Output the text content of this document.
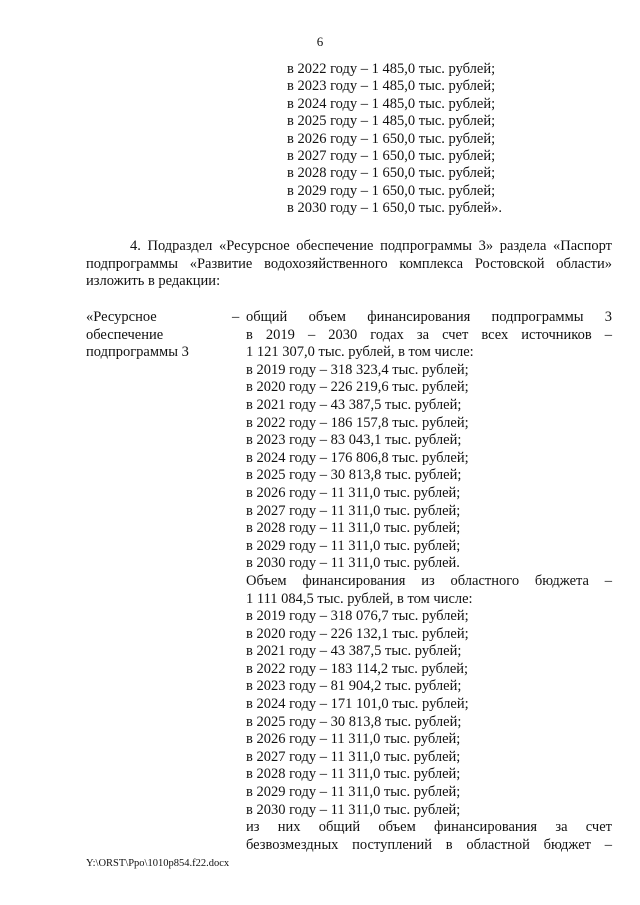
6
в 2022 году – 1 485,0 тыс. рублей;
в 2023 году – 1 485,0 тыс. рублей;
в 2024 году – 1 485,0 тыс. рублей;
в 2025 году – 1 485,0 тыс. рублей;
в 2026 году – 1 650,0 тыс. рублей;
в 2027 году – 1 650,0 тыс. рублей;
в 2028 году – 1 650,0 тыс. рублей;
в 2029 году – 1 650,0 тыс. рублей;
в 2030 году – 1 650,0 тыс. рублей».
4. Подраздел «Ресурсное обеспечение подпрограммы 3» раздела «Паспорт
подпрограммы «Развитие водохозяйственного комплекса Ростовской области»
изложить в редакции:
«Ресурсное
обеспечение
подпрограммы 3
– общий объем финансирования подпрограммы 3
в 2019 – 2030 годах за счет всех источников –
1 121 307,0 тыс. рублей, в том числе:
в 2019 году – 318 323,4 тыс. рублей;
в 2020 году – 226 219,6 тыс. рублей;
в 2021 году – 43 387,5 тыс. рублей;
в 2022 году – 186 157,8 тыс. рублей;
в 2023 году – 83 043,1 тыс. рублей;
в 2024 году – 176 806,8 тыс. рублей;
в 2025 году – 30 813,8 тыс. рублей;
в 2026 году – 11 311,0 тыс. рублей;
в 2027 году – 11 311,0 тыс. рублей;
в 2028 году – 11 311,0 тыс. рублей;
в 2029 году – 11 311,0 тыс. рублей;
в 2030 году – 11 311,0 тыс. рублей.
Объем финансирования из областного бюджета –
1 111 084,5 тыс. рублей, в том числе:
в 2019 году – 318 076,7 тыс. рублей;
в 2020 году – 226 132,1 тыс. рублей;
в 2021 году – 43 387,5 тыс. рублей;
в 2022 году – 183 114,2 тыс. рублей;
в 2023 году – 81 904,2 тыс. рублей;
в 2024 году – 171 101,0 тыс. рублей;
в 2025 году – 30 813,8 тыс. рублей;
в 2026 году – 11 311,0 тыс. рублей;
в 2027 году – 11 311,0 тыс. рублей;
в 2028 году – 11 311,0 тыс. рублей;
в 2029 году – 11 311,0 тыс. рублей;
в 2030 году – 11 311,0 тыс. рублей;
из них общий объем финансирования за счет
безвозмездных поступлений в областной бюджет –
Y:\ORST\Ppo\1010p854.f22.docx
